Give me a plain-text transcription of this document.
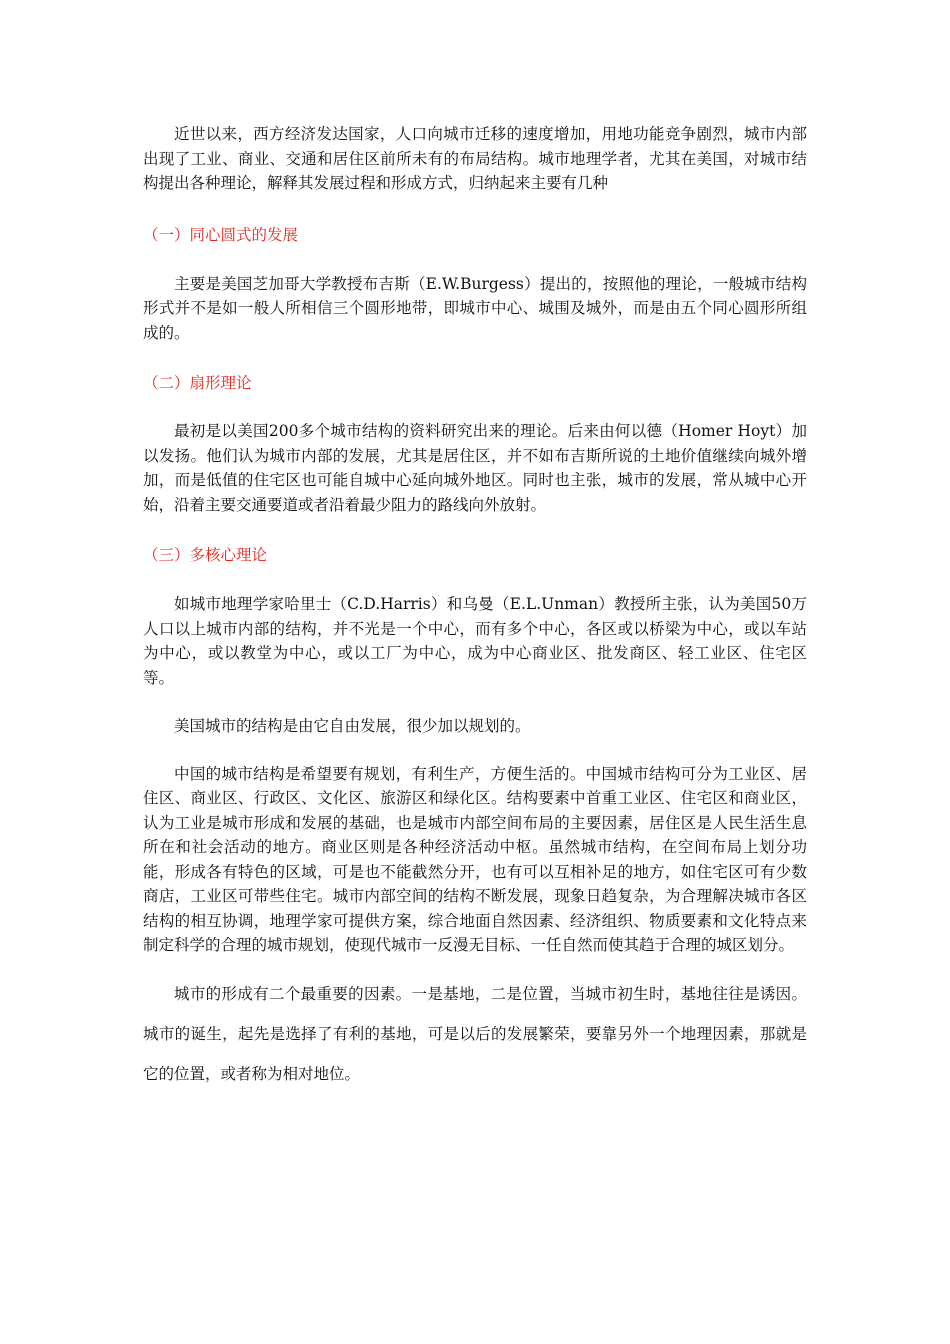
近世以来，西方经济发达国家，人口向城市迁移的速度增加，用地功能竞争剧烈，城市内部出现了工业、商业、交通和居住区前所未有的布局结构。城市地理学者，尤其在美国，对城市结构提出各种理论，解释其发展过程和形成方式，归纳起来主要有几种

（一）同心圆式的发展

主要是美国芝加哥大学教授布吉斯（E.W.Burgess）提出的，按照他的理论，一般城市结构形式并不是如一般人所相信三个圆形地带，即城市中心、城围及城外，而是由五个同心圆形所组成的。

（二）扇形理论

最初是以美国200多个城市结构的资料研究出来的理论。后来由何以德（Homer Hoyt）加以发扬。他们认为城市内部的发展，尤其是居住区，并不如布吉斯所说的土地价值继续向城外增加，而是低值的住宅区也可能自城中心延向城外地区。同时也主张，城市的发展，常从城中心开始，沿着主要交通要道或者沿着最少阻力的路线向外放射。

（三）多核心理论

如城市地理学家哈里士（C.D.Harris）和乌曼（E.L.Unman）教授所主张，认为美国50万人口以上城市内部的结构，并不光是一个中心，而有多个中心，各区或以桥梁为中心，或以车站为中心，或以教堂为中心，或以工厂为中心，成为中心商业区、批发商区、轻工业区、住宅区等。

美国城市的结构是由它自由发展，很少加以规划的。

中国的城市结构是希望要有规划，有利生产，方便生活的。中国城市结构可分为工业区、居住区、商业区、行政区、文化区、旅游区和绿化区。结构要素中首重工业区、住宅区和商业区，认为工业是城市形成和发展的基础，也是城市内部空间布局的主要因素，居住区是人民生活生息所在和社会活动的地方。商业区则是各种经济活动中枢。虽然城市结构，在空间布局上划分功能，形成各有特色的区域，可是也不能截然分开，也有可以互相补足的地方，如住宅区可有少数商店，工业区可带些住宅。城市内部空间的结构不断发展，现象日趋复杂，为合理解决城市各区结构的相互协调，地理学家可提供方案，综合地面自然因素、经济组织、物质要素和文化特点来制定科学的合理的城市规划，使现代城市一反漫无目标、一任自然而使其趋于合理的城区划分。

城市的形成有二个最重要的因素。一是基地，二是位置，当城市初生时，基地往往是诱因。城市的诞生，起先是选择了有利的基地，可是以后的发展繁荣，要靠另外一个地理因素，那就是它的位置，或者称为相对地位。
